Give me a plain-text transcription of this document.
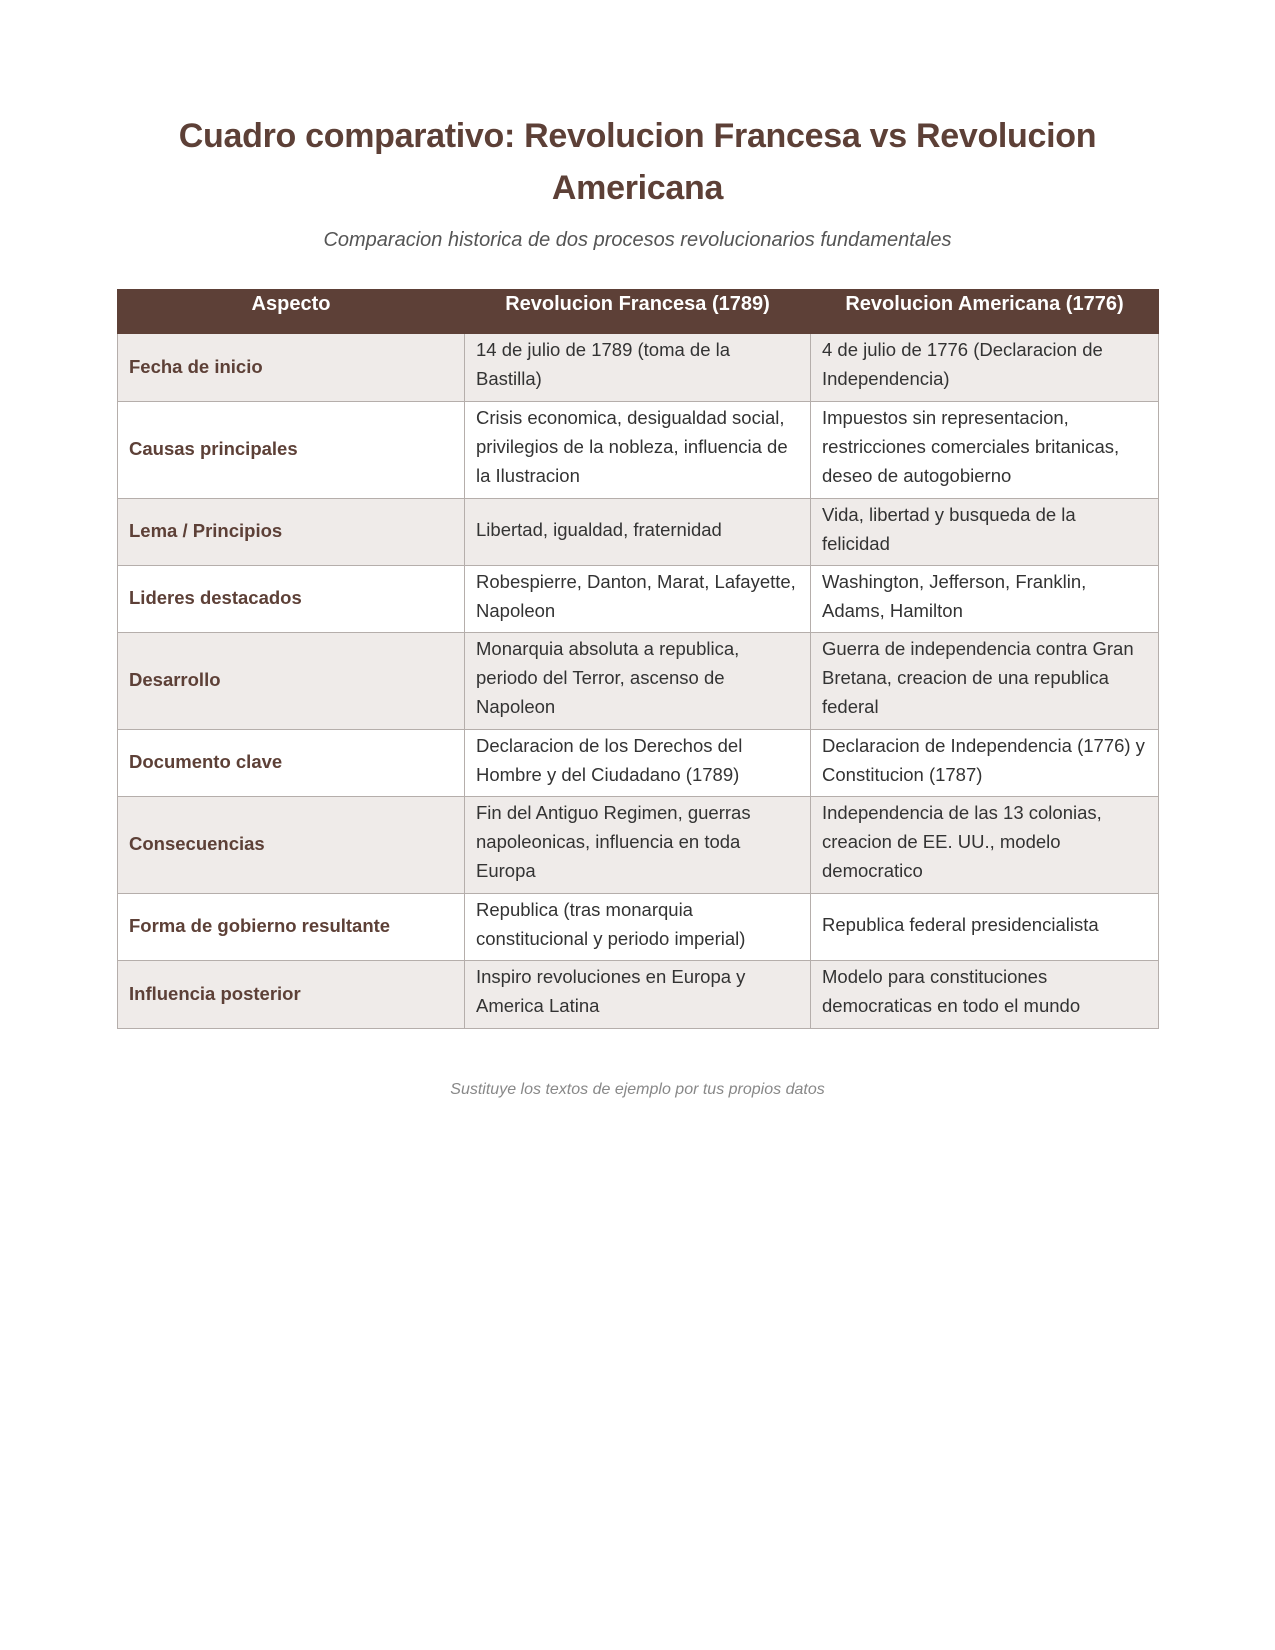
Cuadro comparativo: Revolucion Francesa vs Revolucion Americana

Comparacion historica de dos procesos revolucionarios fundamentales

Aspecto	Revolucion Francesa (1789)	Revolucion Americana (1776)
Fecha de inicio	14 de julio de 1789 (toma de la Bastilla)	4 de julio de 1776 (Declaracion de Independencia)
Causas principales	Crisis economica, desigualdad social, privilegios de la nobleza, influencia de la Ilustracion	Impuestos sin representacion, restricciones comerciales britanicas, deseo de autogobierno
Lema / Principios	Libertad, igualdad, fraternidad	Vida, libertad y busqueda de la felicidad
Lideres destacados	Robespierre, Danton, Marat, Lafayette, Napoleon	Washington, Jefferson, Franklin, Adams, Hamilton
Desarrollo	Monarquia absoluta a republica, periodo del Terror, ascenso de Napoleon	Guerra de independencia contra Gran Bretana, creacion de una republica federal
Documento clave	Declaracion de los Derechos del Hombre y del Ciudadano (1789)	Declaracion de Independencia (1776) y Constitucion (1787)
Consecuencias	Fin del Antiguo Regimen, guerras napoleonicas, influencia en toda Europa	Independencia de las 13 colonias, creacion de EE. UU., modelo democratico
Forma de gobierno resultante	Republica (tras monarquia constitucional y periodo imperial)	Republica federal presidencialista
Influencia posterior	Inspiro revoluciones en Europa y America Latina	Modelo para constituciones democraticas en todo el mundo

Sustituye los textos de ejemplo por tus propios datos
